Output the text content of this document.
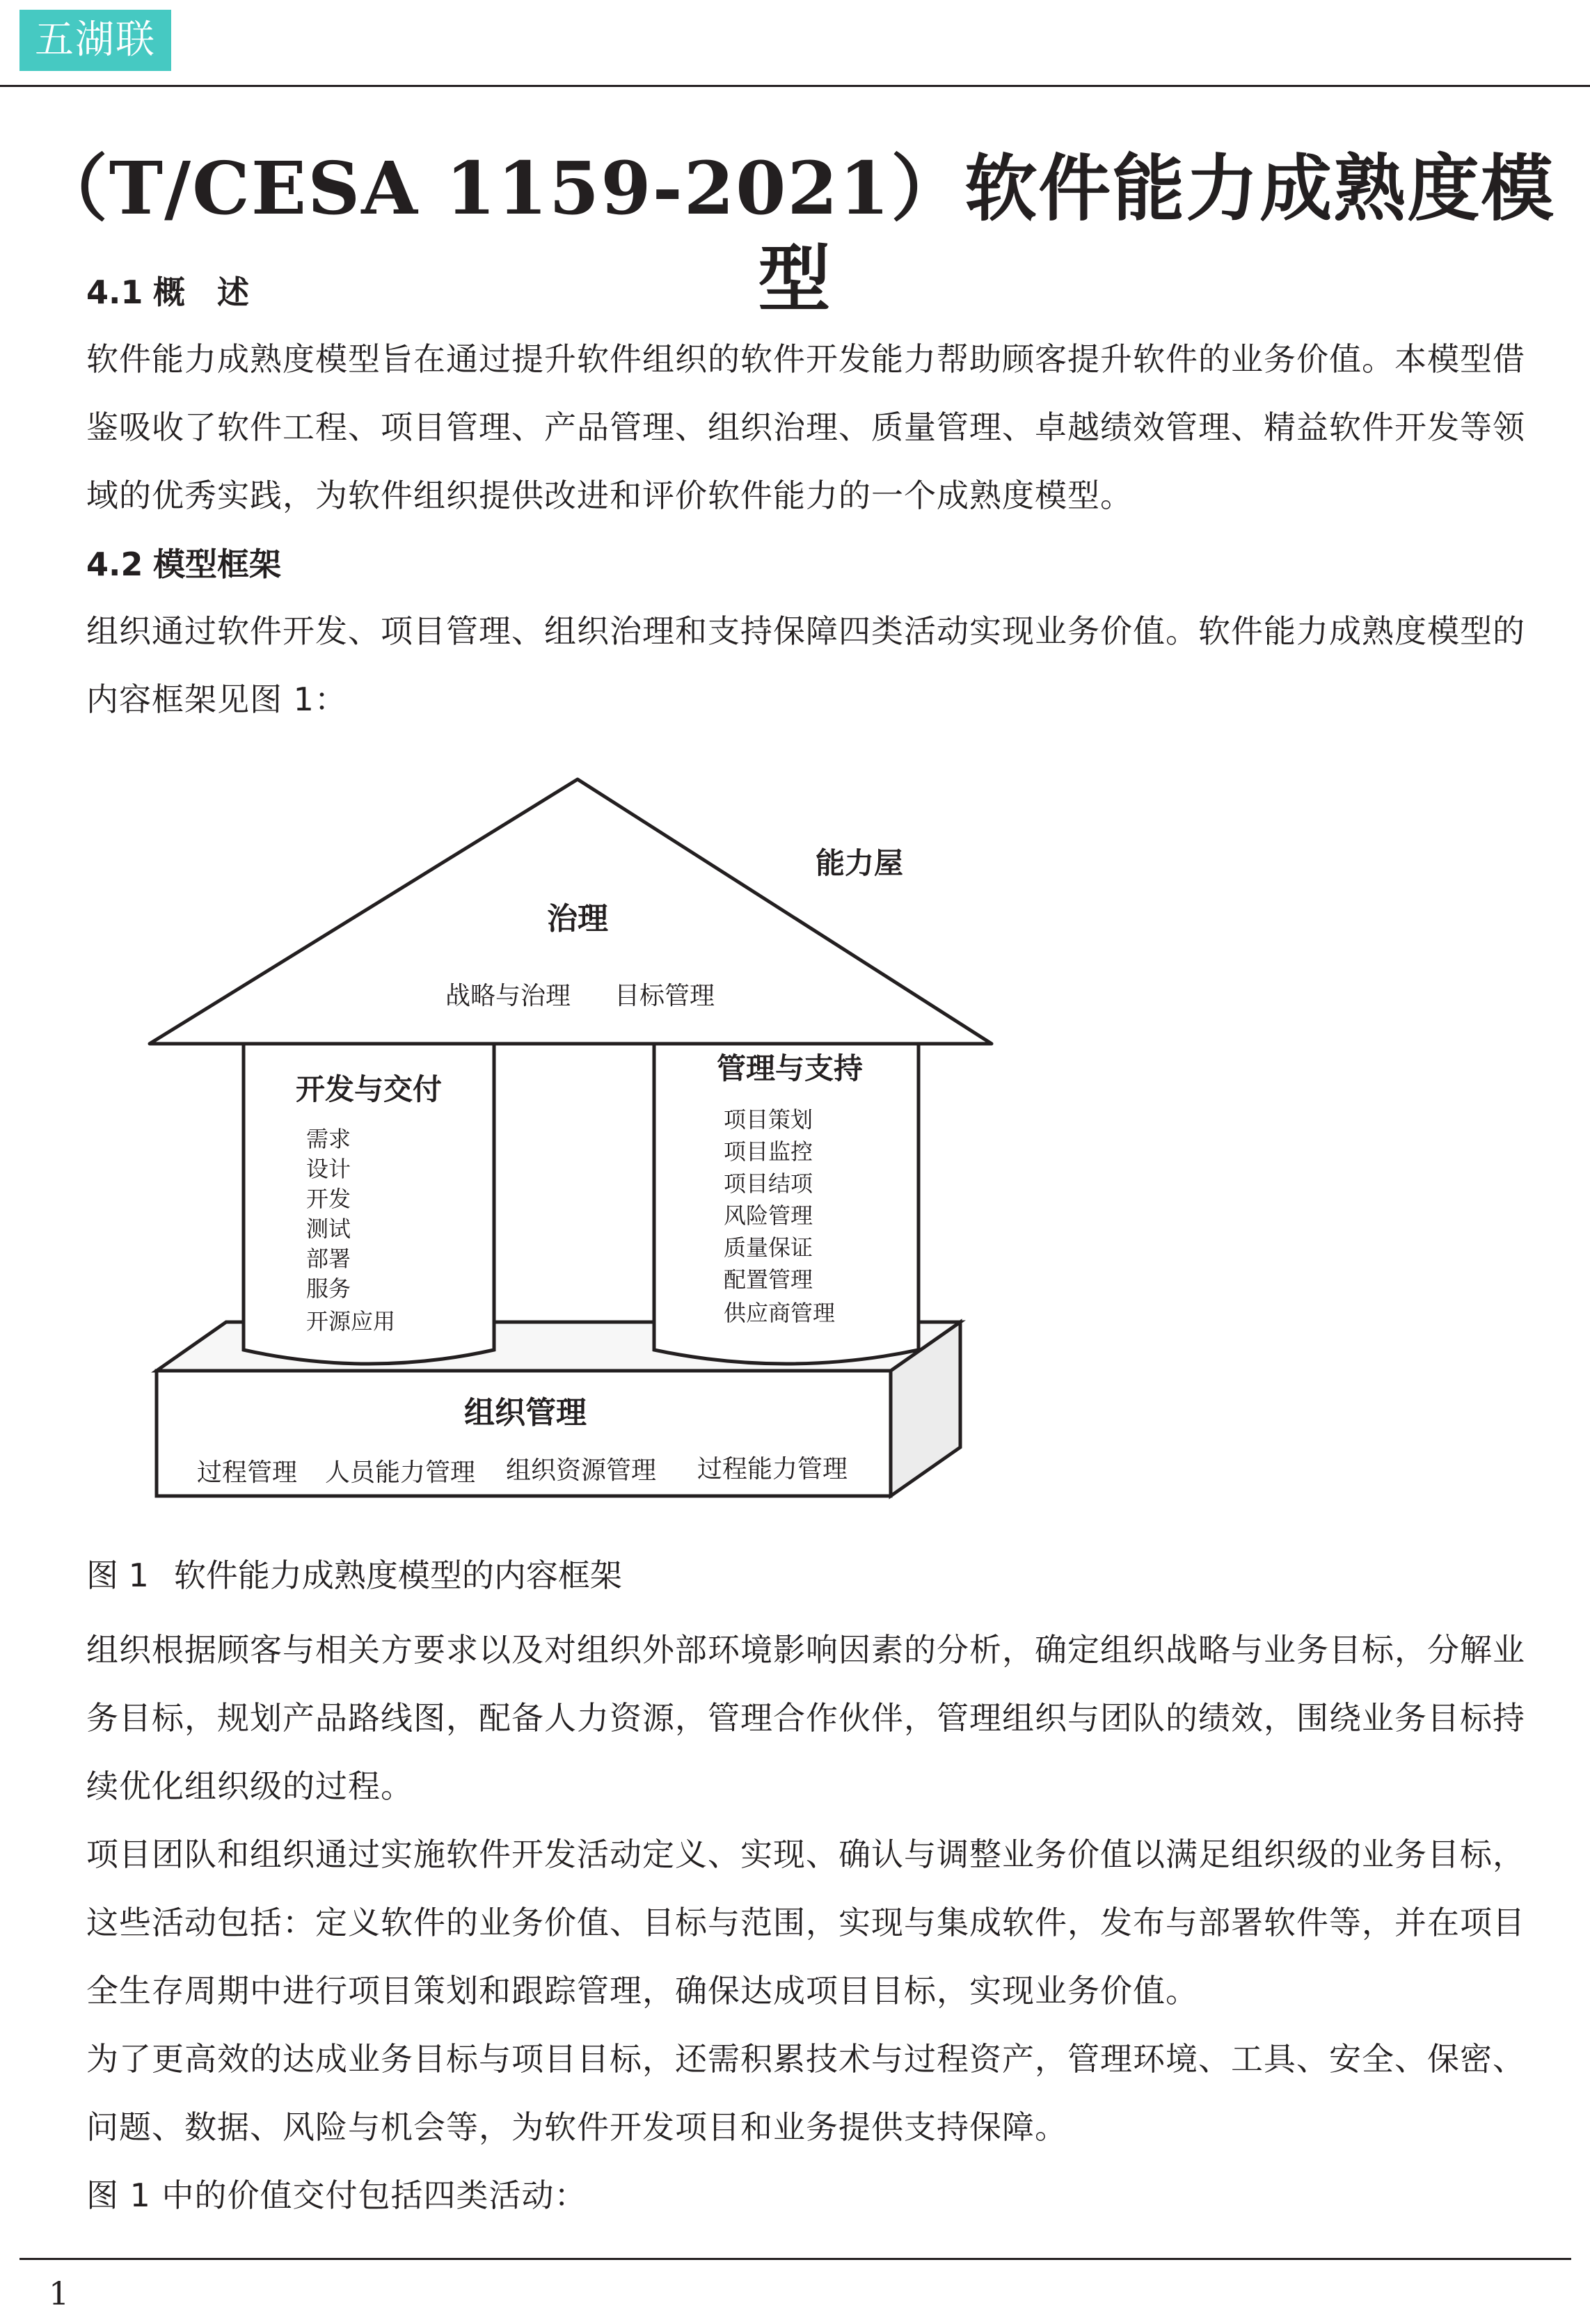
五湖联
（T/CESA 1159-2021）软件能力成熟度模型
4.1 概　述

软件能力成熟度模型旨在通过提升软件组织的软件开发能力帮助顾客提升软件的业务价值。本模型借鉴吸收了软件工程、项目管理、产品管理、组织治理、质量管理、卓越绩效管理、精益软件开发等领域的优秀实践，为软件组织提供改进和评价软件能力的一个成熟度模型。

4.2 模型框架

组织通过软件开发、项目管理、组织治理和支持保障四类活动实现业务价值。软件能力成熟度模型的内容框架见图 1：

能力屋
治理
战略与治理 目标管理
开发与交付
需求
设计
开发
测试
部署
服务
开源应用
管理与支持
项目策划
项目监控
项目结项
风险管理
质量保证
配置管理
供应商管理
组织管理
过程管理 人员能力管理 组织资源管理 过程能力管理

图 1 软件能力成熟度模型的内容框架

组织根据顾客与相关方要求以及对组织外部环境影响因素的分析，确定组织战略与业务目标，分解业务目标，规划产品路线图，配备人力资源，管理合作伙伴，管理组织与团队的绩效，围绕业务目标持续优化组织级的过程。

项目团队和组织通过实施软件开发活动定义、实现、确认与调整业务价值以满足组织级的业务目标，这些活动包括：定义软件的业务价值、目标与范围，实现与集成软件，发布与部署软件等，并在项目全生存周期中进行项目策划和跟踪管理，确保达成项目目标，实现业务价值。

为了更高效的达成业务目标与项目目标，还需积累技术与过程资产，管理环境、工具、安全、保密、问题、数据、风险与机会等，为软件开发项目和业务提供支持保障。

图 1 中的价值交付包括四类活动：

1
